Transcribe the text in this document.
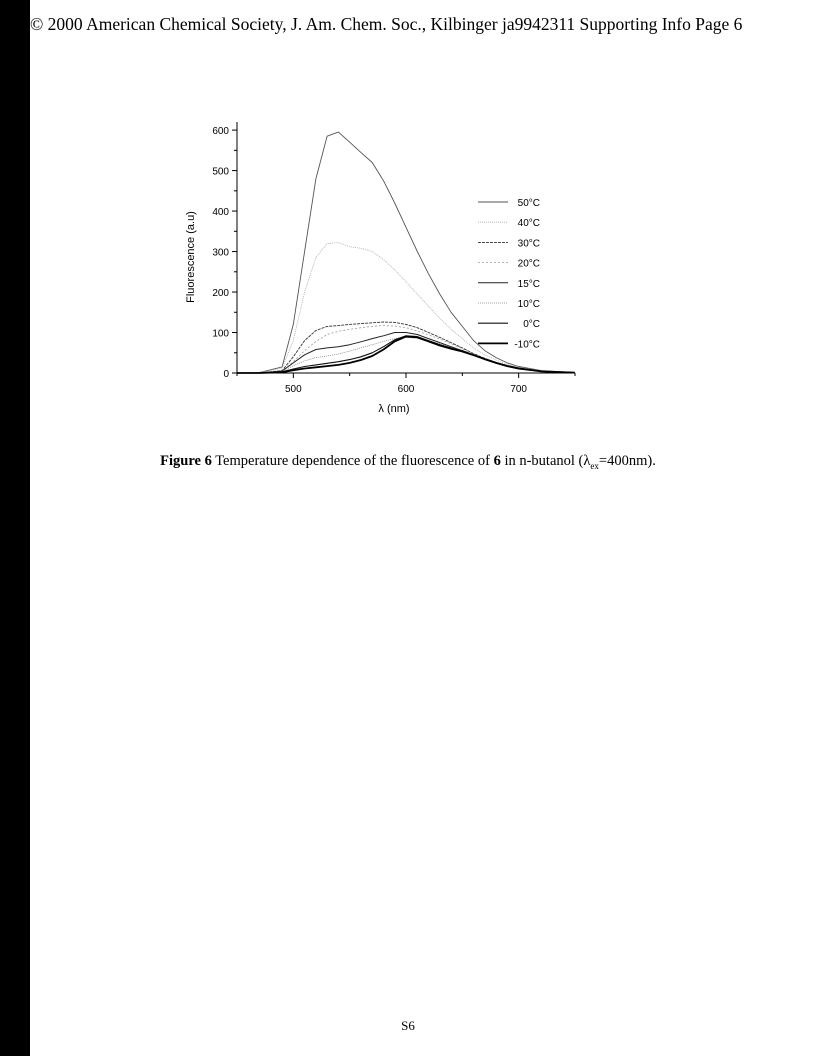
© 2000 American Chemical Society, J. Am. Chem. Soc., Kilbinger ja9942311 Supporting Info Page 6
0
100
200
300
400
500
600
500	600	700
50°C
40°C
30°C
20°C
15°C
10°C
0°C
-10°C
λ (nm)
Fluorescence (a.u)
Figure 6 Temperature dependence of the fluorescence of 6 in n-butanol $(\lambda_{ex}=400nm)$.
S6
